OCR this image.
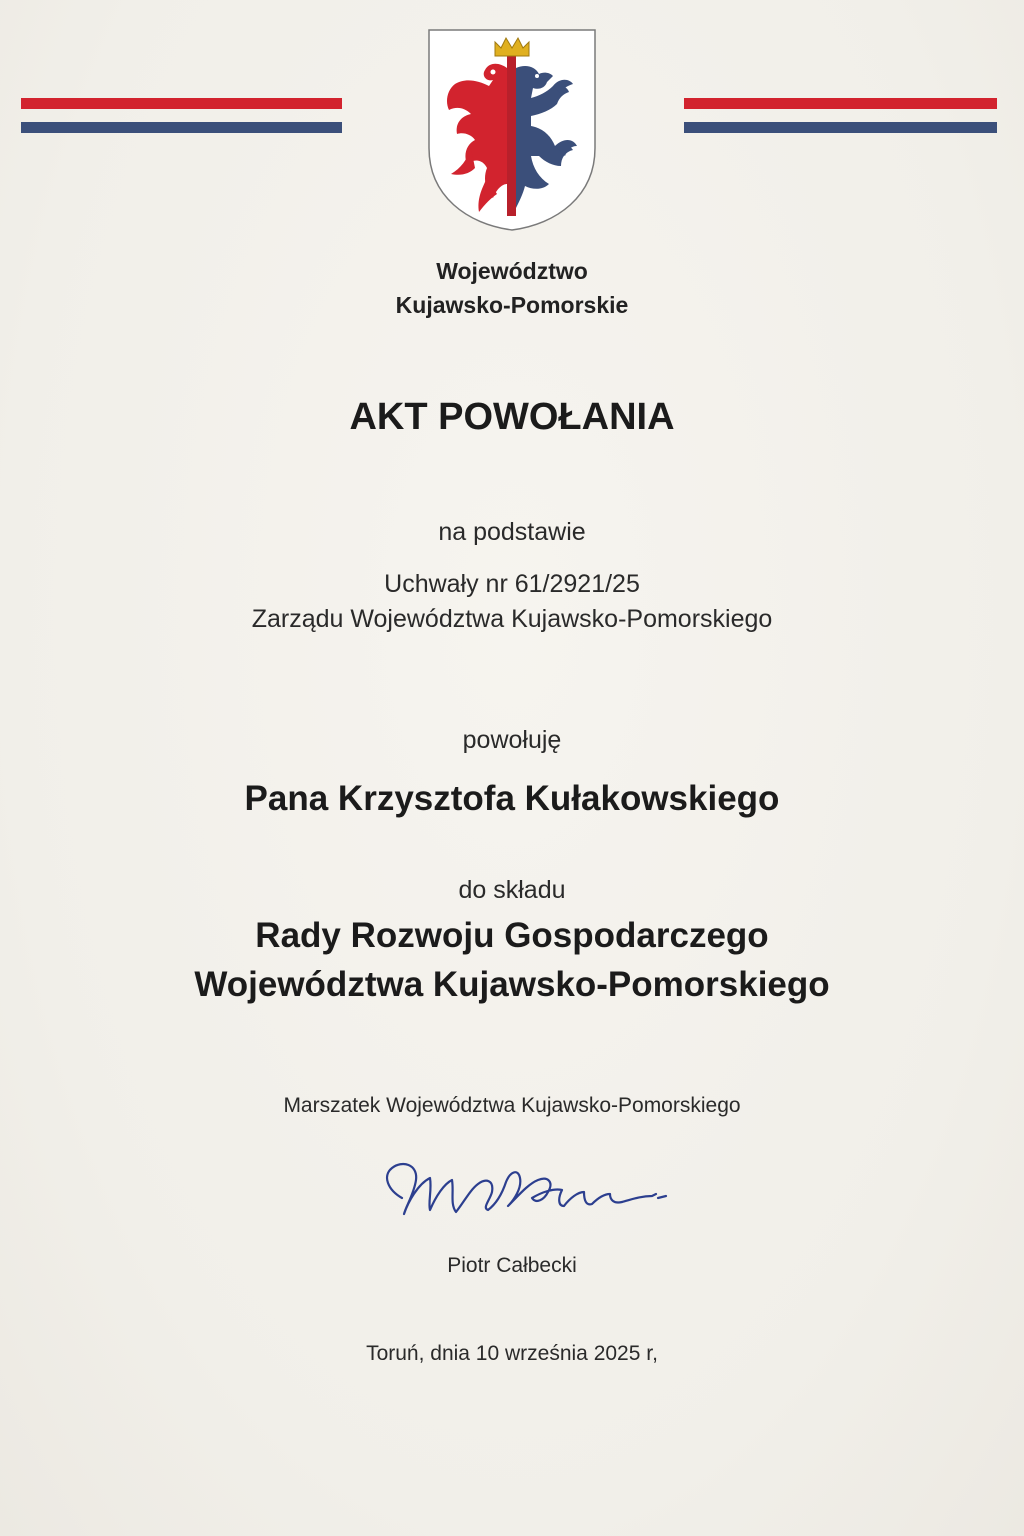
Województwo
Kujawsko-Pomorskie
AKT POWOŁANIA
na podstawie
Uchwały nr 61/2921/25
Zarządu Województwa Kujawsko-Pomorskiego
powołuję
Pana Krzysztofa Kułakowskiego
do składu
Rady Rozwoju Gospodarczego
Województwa Kujawsko-Pomorskiego
Marszatek Województwa Kujawsko-Pomorskiego
Piotr Całbecki
Toruń, dnia 10 września 2025 r,
